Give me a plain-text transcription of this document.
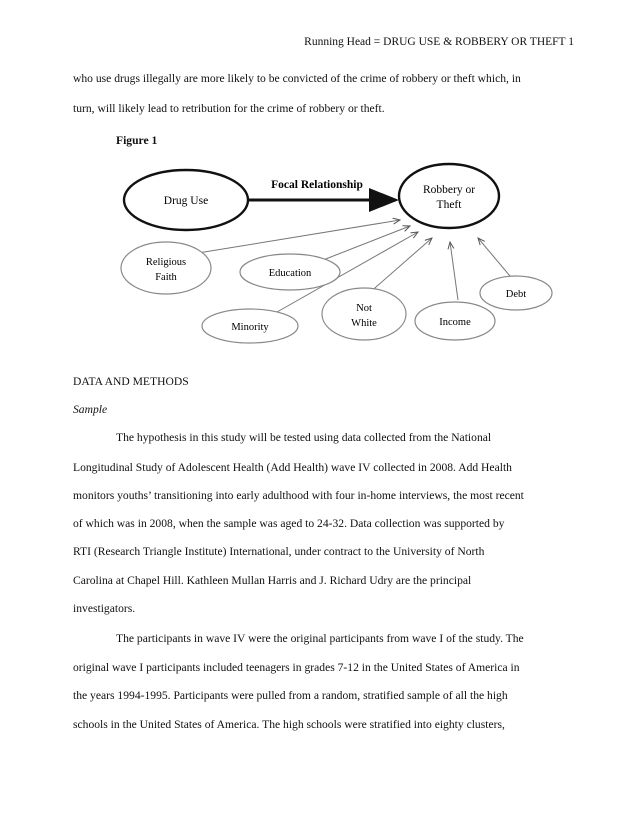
Running Head = DRUG USE & ROBBERY OR THEFT 1
who use drugs illegally are more likely to be convicted of the crime of robbery or theft which, in
turn, will likely lead to retribution for the crime of robbery or theft.
Figure 1
Focal Relationship
Drug Use
Robbery or
Theft
Religious
Faith	Education
Minority
Not
White	Income
Debt
DATA AND METHODS
Sample
The hypothesis in this study will be tested using data collected from the National
Longitudinal Study of Adolescent Health (Add Health) wave IV collected in 2008. Add Health
monitors youths’ transitioning into early adulthood with four in-home interviews, the most recent
of which was in 2008, when the sample was aged to 24-32. Data collection was supported by
RTI (Research Triangle Institute) International, under contract to the University of North
Carolina at Chapel Hill. Kathleen Mullan Harris and J. Richard Udry are the principal
investigators.
The participants in wave IV were the original participants from wave I of the study. The
original wave I participants included teenagers in grades 7-12 in the United States of America in
the years 1994-1995. Participants were pulled from a random, stratified sample of all the high
schools in the United States of America. The high schools were stratified into eighty clusters,
